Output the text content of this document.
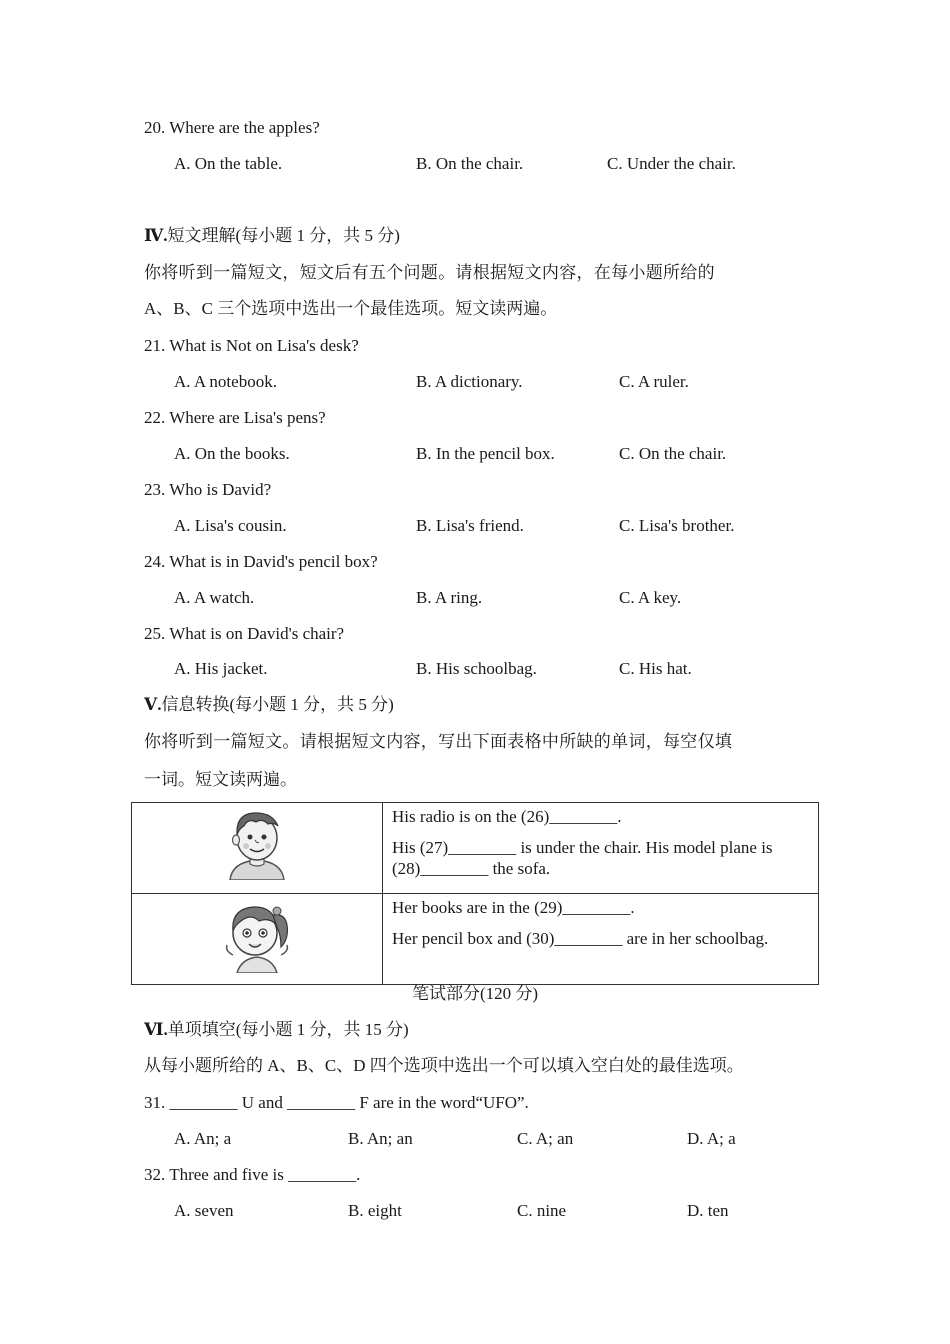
20. Where are the apples?
A. On the table.	B. On the chair.	C. Under the chair.
Ⅳ.短文理解(每小题 1 分，共 5 分)
你将听到一篇短文，短文后有五个问题。请根据短文内容，在每小题所给的
A、B、C 三个选项中选出一个最佳选项。短文读两遍。
21. What is Not on Lisa's desk?
A. A notebook.	B. A dictionary.	C. A ruler.
22. Where are Lisa's pens?
A. On the books.	B. In the pencil box.	C. On the chair.
23. Who is David?
A. Lisa's cousin.	B. Lisa's friend.	C. Lisa's brother.
24. What is in David's pencil box?
A. A watch.	B. A ring.	C. A key.
25. What is on David's chair?
A. His jacket.	B. His schoolbag.	C. His hat.
Ⅴ.信息转换(每小题 1 分，共 5 分)
你将听到一篇短文。请根据短文内容，写出下面表格中所缺的单词，每空仅填
一词。短文读两遍。

His radio is on the (26)________.

His (27)________ is under the chair. His model plane is (28)________ the sofa.

Her books are in the (29)________.

Her pencil box and (30)________ are in her schoolbag.

笔试部分(120 分)
Ⅵ.单项填空(每小题 1 分，共 15 分)
从每小题所给的 A、B、C、D 四个选项中选出一个可以填入空白处的最佳选项。
31. ________ U and ________ F are in the word“UFO”.
A. An; a	B. An; an	C. A; an	D. A; a
32. Three and five is ________.
A. seven	B. eight	C. nine	D. ten
